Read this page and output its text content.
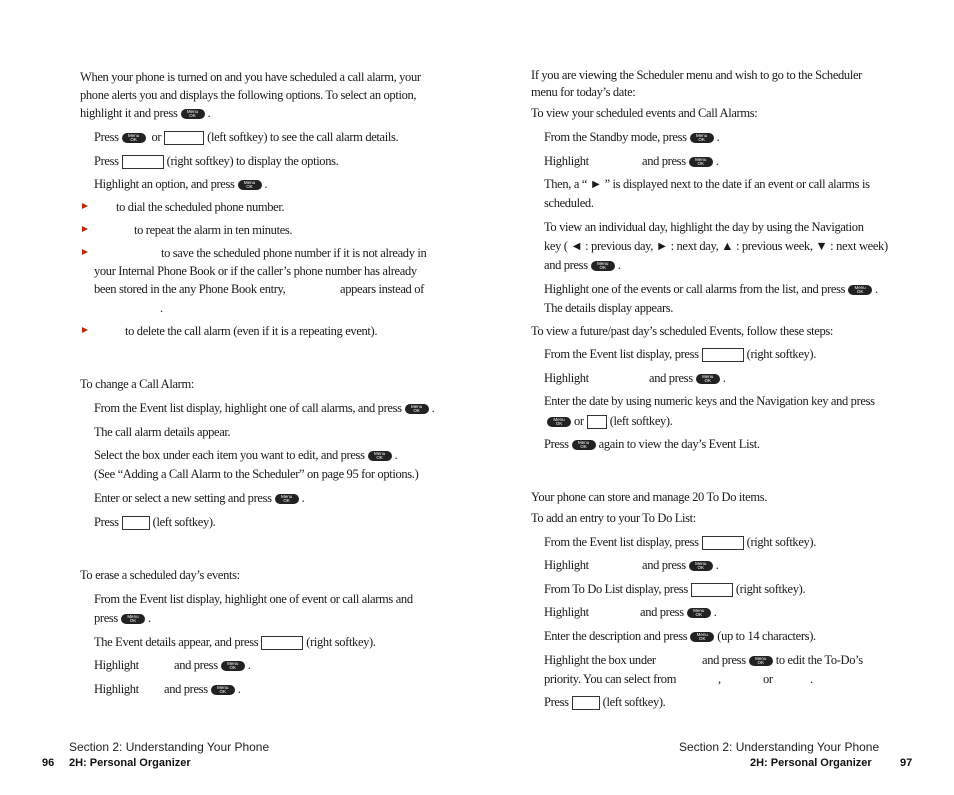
When your phone is turned on and you have scheduled a call alarm, your
phone alerts you and displays the following options. To select an option,
highlight it and press Menu OK .
Press Menu OK	or	(left softkey) to see the call alarm details.
Press	(right softkey) to display the options.
Highlight an option, and press Menu OK .
to dial the scheduled phone number.
to repeat the alarm in ten minutes.
to save the scheduled phone number if it is not already in
your Internal Phone Book or if the caller’s phone number has already
been stored in the any Phone Book entry,	appears instead of
.
to delete the call alarm (even if it is a repeating event).
To change a Call Alarm:
From the Event list display, highlight one of call alarms, and press Menu OK .
The call alarm details appear.
Select the box under each item you want to edit, and press Menu OK .
(See “Adding a Call Alarm to the Scheduler” on page 95 for options.)
Enter or select a new setting and press Menu OK .
Press	(left softkey).
To erase a scheduled day’s events:
From the Event list display, highlight one of event or call alarms and
press Menu OK .
The Event details appear, and press	(right softkey).
Highlight	and press Menu OK .
Highlight and press Menu OK .
Section 2: Understanding Your Phone
96 2H: Personal Organizer
If you are viewing the Scheduler menu and wish to go to the Scheduler
menu for today’s date:
To view your scheduled events and Call Alarms:
From the Standby mode, press Menu OK .
Highlight	and press Menu OK .
Then, a “ ► ” is displayed next to the date if an event or call alarms is
scheduled.
To view an individual day, highlight the day by using the Navigation
key ( ◄ : previous day, ► : next day, ▲ : previous week, ▼ : next week)
and press Menu OK .
Highlight one of the events or call alarms from the list, and press Menu OK .
The details display appears.
To view a future/past day’s scheduled Events, follow these steps:
From the Event list display, press	(right softkey).
Highlight	and press Menu OK .
Enter the date by using numeric keys and the Navigation key and press
Menu OKor (left softkey).
Press Menu OK again to view the day’s Event List.
Your phone can store and manage 20 To Do items.
To add an entry to your To Do List:
From the Event list display, press	(right softkey).
Highlight	and press Menu OK .
From To Do List display, press	(right softkey).
Highlight	and press Menu OK .
Enter the description and press Menu OK (up to 14 characters).
Highlight the box under	and press Menu OK to edit the To-Do’s
priority. You can select from	,	or	.
Press	(left softkey).
Section 2: Understanding Your Phone
2H: Personal Organizer	97
